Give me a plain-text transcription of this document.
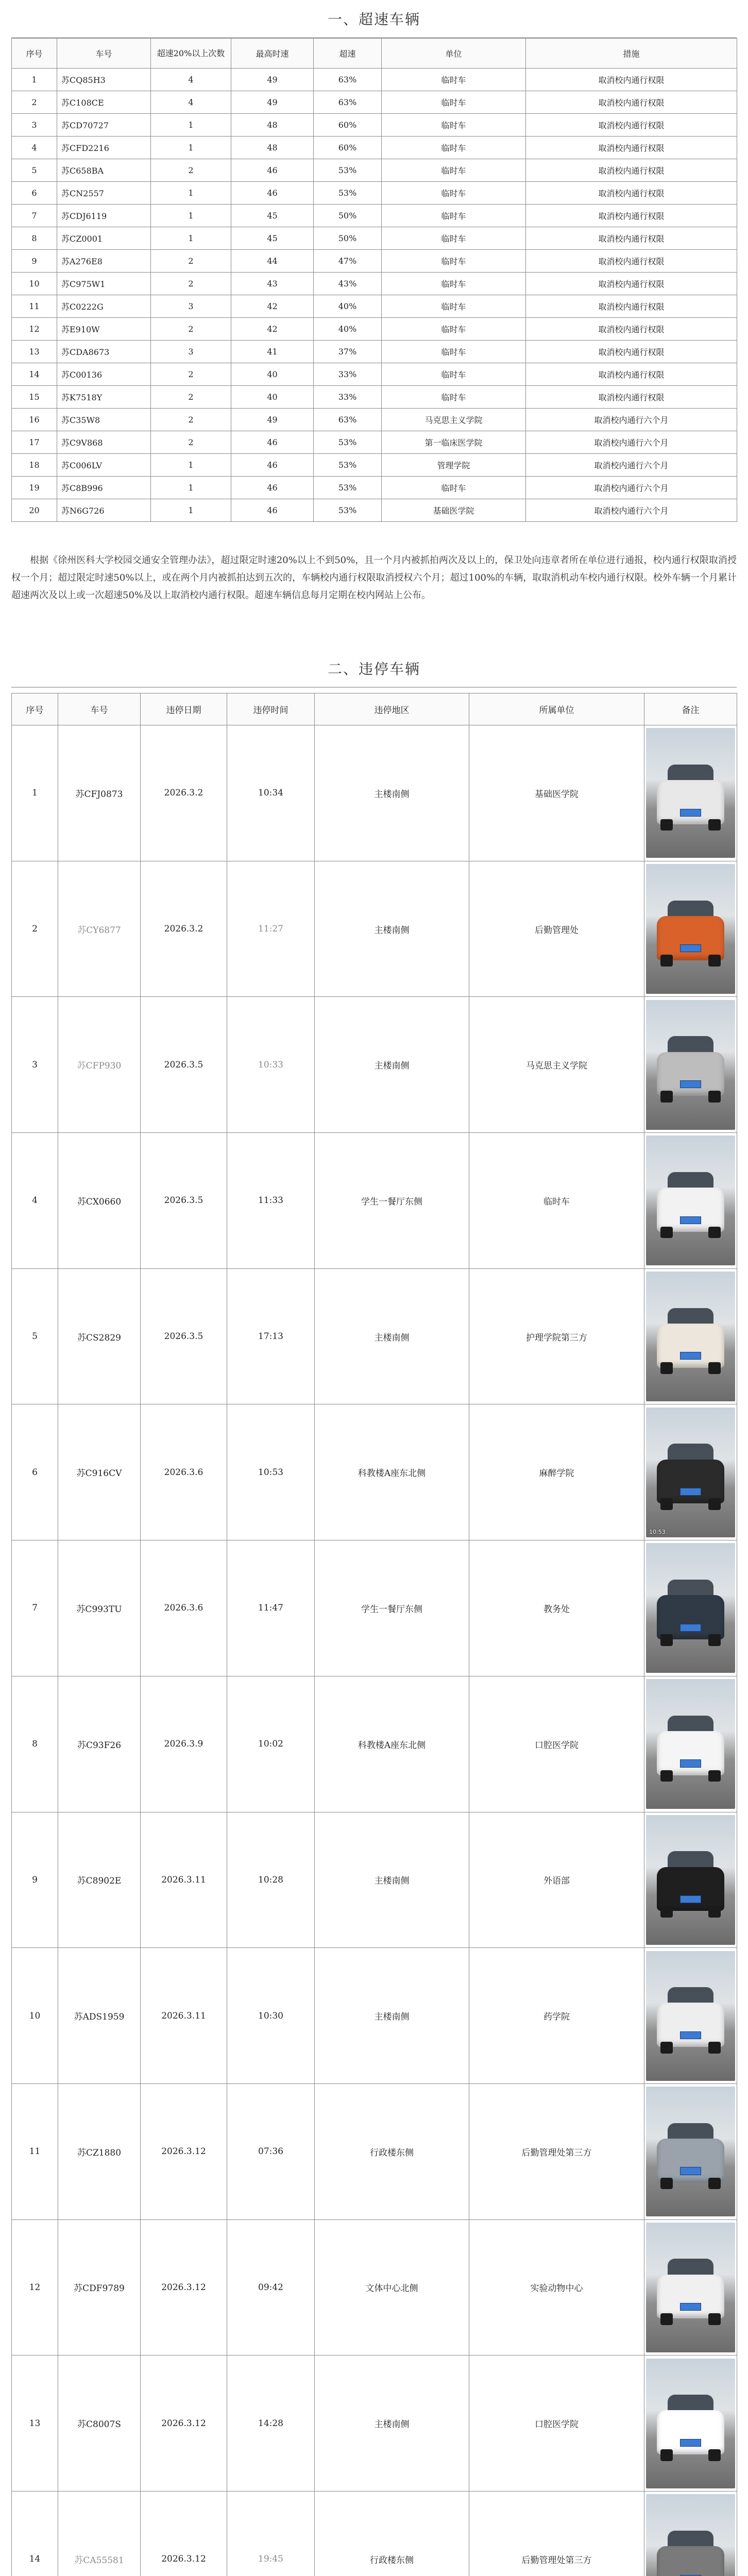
一、超速车辆
序号	车号	超速20%以上次数	最高时速	超速	单位	措施
1	苏CQ85H3	4	49	63%	临时车	取消校内通行权限
2	苏C108CE	4	49	63%	临时车	取消校内通行权限
3	苏CD70727	1	48	60%	临时车	取消校内通行权限
4	苏CFD2216	1	48	60%	临时车	取消校内通行权限
5	苏C658BA	2	46	53%	临时车	取消校内通行权限
6	苏CN2557	1	46	53%	临时车	取消校内通行权限
7	苏CDJ6119	1	45	50%	临时车	取消校内通行权限
8	苏CZ0001	1	45	50%	临时车	取消校内通行权限
9	苏A276E8	2	44	47%	临时车	取消校内通行权限
10	苏C975W1	2	43	43%	临时车	取消校内通行权限
11	苏C0222G	3	42	40%	临时车	取消校内通行权限
12	苏E910W	2	42	40%	临时车	取消校内通行权限
13	苏CDA8673	3	41	37%	临时车	取消校内通行权限
14	苏C00136	2	40	33%	临时车	取消校内通行权限
15	苏K7518Y	2	40	33%	临时车	取消校内通行权限
16	苏C35W8	2	49	63%	马克思主义学院	取消校内通行六个月
17	苏C9V868	2	46	53%	第一临床医学院	取消校内通行六个月
18	苏C006LV	1	46	53%	管理学院	取消校内通行六个月
19	苏C8B996	1	46	53%	临时车	取消校内通行六个月
20	苏N6G726	1	46	53%	基础医学院	取消校内通行六个月

根据《徐州医科大学校园交通安全管理办法》，超过限定时速20%以上不到50%，且一个月内被抓拍两次及以上的，保卫处向违章者所在单位进行通报，校内通行权限取消授权一个月；超过限定时速50%以上，或在两个月内被抓拍达到五次的，车辆校内通行权限取消授权六个月；超过100%的车辆，取取消机动车校内通行权限。校外车辆一个月累计超速两次及以上或一次超速50%及以上取消校内通行权限。超速车辆信息每月定期在校内网站上公布。

二、违停车辆
序号	车号	违停日期	违停时间	违停地区	所属单位	备注
1	苏CFJ0873	2026.3.2	10:34	主楼南侧	基础医学院	

2	苏CY6877	2026.3.2	11:27	主楼南侧	后勤管理处	

3	苏CFP930	2026.3.5	10:33	主楼南侧	马克思主义学院	

4	苏CX0660	2026.3.5	11:33	学生一餐厅东侧	临时车	

5	苏CS2829	2026.3.5	17:13	主楼南侧	护理学院第三方	

6	苏C916CV	2026.3.6	10:53	科教楼A座东北侧	麻醉学院	10:53

7	苏C993TU	2026.3.6	11:47	学生一餐厅东侧	教务处	

8	苏C93F26	2026.3.9	10:02	科教楼A座东北侧	口腔医学院	

9	苏C8902E	2026.3.11	10:28	主楼南侧	外语部	

10	苏ADS1959	2026.3.11	10:30	主楼南侧	药学院	

11	苏CZ1880	2026.3.12	07:36	行政楼东侧	后勤管理处第三方	

12	苏CDF9789	2026.3.12	09:42	文体中心北侧	实验动物中心	

13	苏C8007S	2026.3.12	14:28	主楼南侧	口腔医学院	

14	苏CA55581	2026.3.12	19:45	行政楼东侧	后勤管理处第三方	
